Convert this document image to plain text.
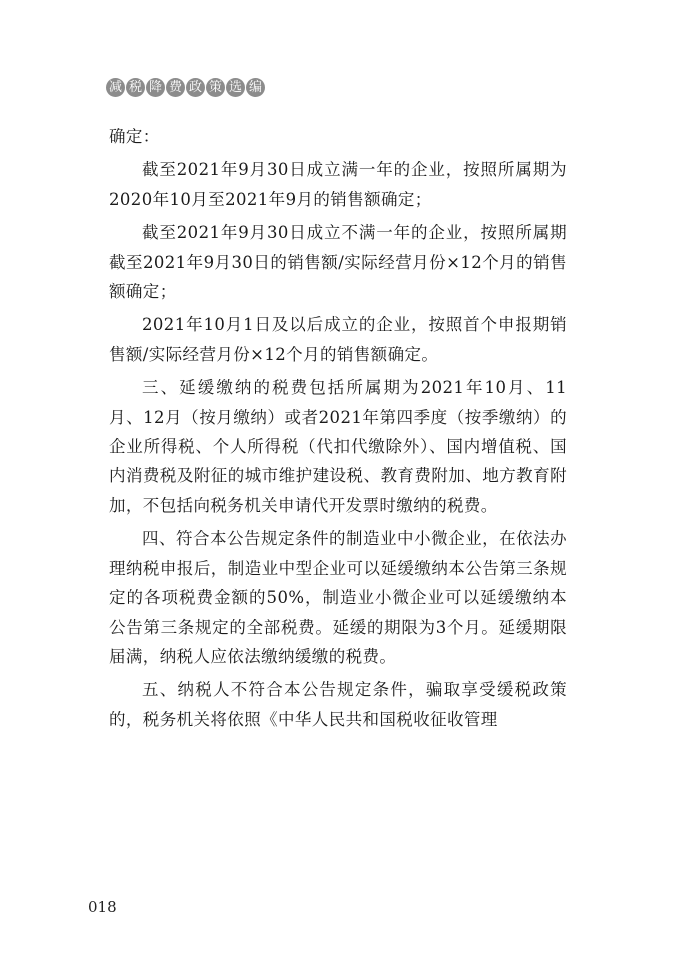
减 税 降 费 政 策 选 编

确定：

截至2021年9月30日成立满一年的企业，按照所属期为2020年10月至2021年9月的销售额确定；

截至2021年9月30日成立不满一年的企业，按照所属期截至2021年9月30日的销售额/实际经营月份×12个月的销售额确定；

2021年10月1日及以后成立的企业，按照首个申报期销售额/实际经营月份×12个月的销售额确定。

三、延缓缴纳的税费包括所属期为2021年10月、11月、12月（按月缴纳）或者2021年第四季度（按季缴纳）的企业所得税、个人所得税（代扣代缴除外）、国内增值税、国内消费税及附征的城市维护建设税、教育费附加、地方教育附加，不包括向税务机关申请代开发票时缴纳的税费。

四、符合本公告规定条件的制造业中小微企业，在依法办理纳税申报后，制造业中型企业可以延缓缴纳本公告第三条规定的各项税费金额的50%，制造业小微企业可以延缓缴纳本公告第三条规定的全部税费。延缓的期限为3个月。延缓期限届满，纳税人应依法缴纳缓缴的税费。

五、纳税人不符合本公告规定条件，骗取享受缓税政策的，税务机关将依照《中华人民共和国税收征收管理

018
